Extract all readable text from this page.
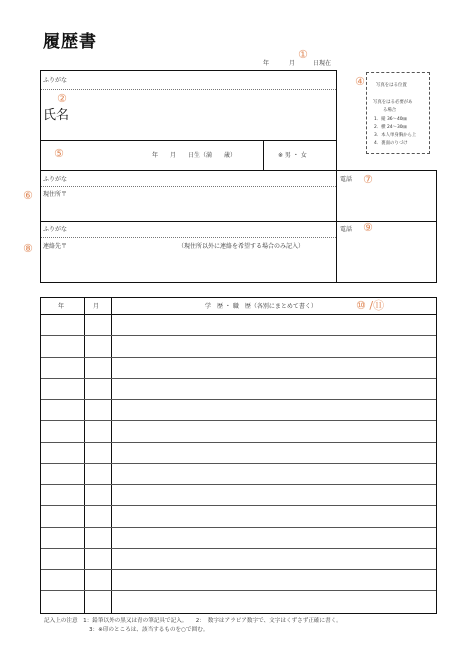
履歴書
①
年	月	日現在
ふりがな
②
氏名
⑤	年　　月　　日生（満　　歳）	※ 男 ・ 女
④	写真をはる位置
写真をはる必要があ
る場合
1．縦 36〜40㎜
2．横 24〜30㎜
3．本人単身胸から上
4．裏面のりづけ
⑥
ふりがな
現住所〒
電話 ⑦
⑧
ふりがな
連絡先〒	（現住所以外に連絡を希望する場合のみ記入）
電話 ⑨
年	月	学　歴 ・ 職　歴（各別にまとめて書く）	⑩ /⑪
記入上の注意　1：鉛筆以外の黒又は青の筆記具で記入。　　2：　数字はアラビア数字で、文字はくずさず正確に書く。
3：※印のところは、該当するものを○で囲む。
